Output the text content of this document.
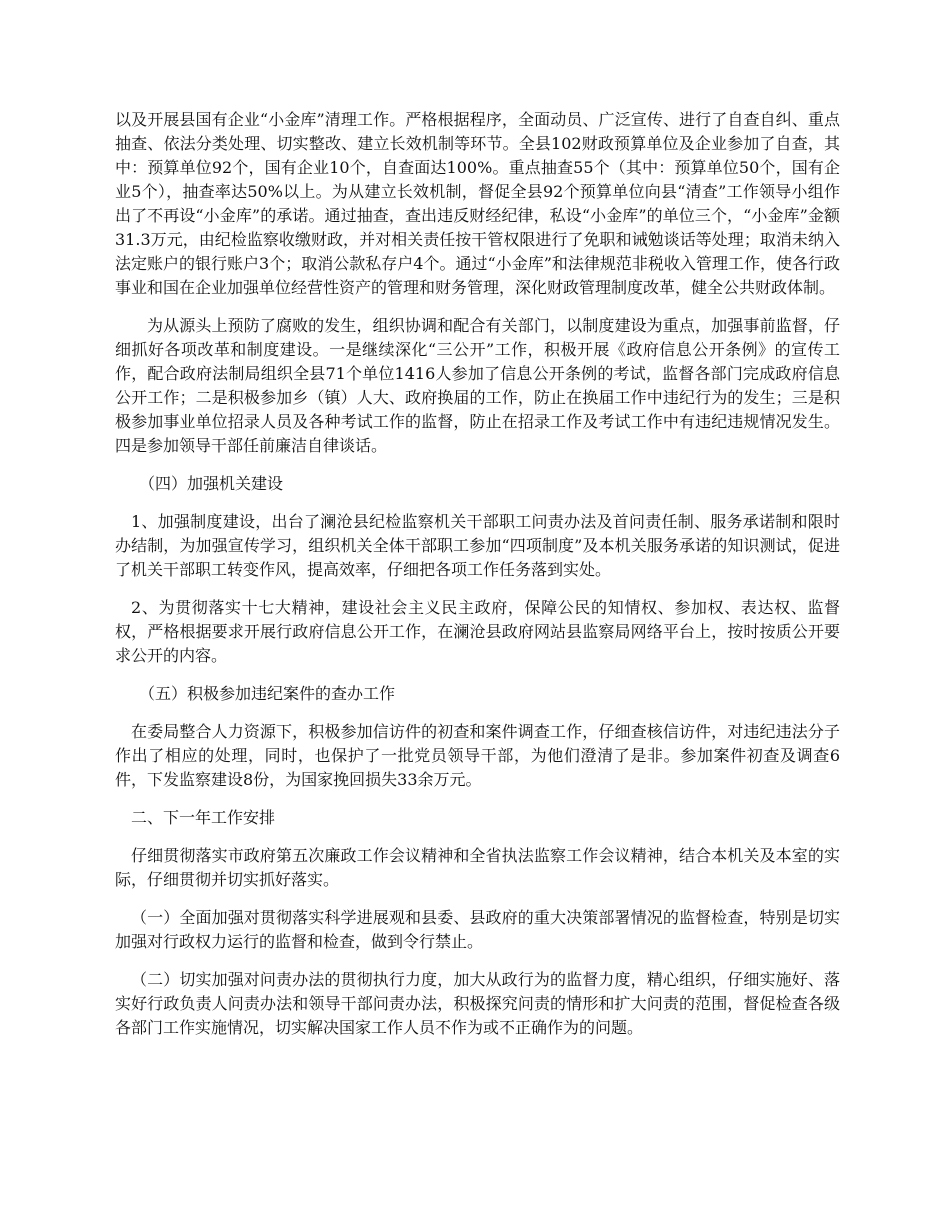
以及开展县国有企业“小金库”清理工作。严格根据程序，全面动员、广泛宣传、进行了自查自纠、重点抽查、依法分类处理、切实整改、建立长效机制等环节。全县102财政预算单位及企业参加了自查，其中：预算单位92个，国有企业10个，自查面达100%。重点抽查55个（其中：预算单位50个，国有企业5个），抽查率达50%以上。为从建立长效机制，督促全县92个预算单位向县“清查”工作领导小组作出了不再设“小金库”的承诺。通过抽查，查出违反财经纪律，私设“小金库”的单位三个，“小金库”金额31.3万元，由纪检监察收缴财政，并对相关责任按干管权限进行了免职和诫勉谈话等处理；取消未纳入法定账户的银行账户3个；取消公款私存户4个。通过“小金库”和法律规范非税收入管理工作，使各行政事业和国在企业加强单位经营性资产的管理和财务管理，深化财政管理制度改革，健全公共财政体制。

为从源头上预防了腐败的发生，组织协调和配合有关部门，以制度建设为重点，加强事前监督，仔细抓好各项改革和制度建设。一是继续深化“三公开”工作，积极开展《政府信息公开条例》的宣传工作，配合政府法制局组织全县71个单位1416人参加了信息公开条例的考试，监督各部门完成政府信息公开工作；二是积极参加乡（镇）人大、政府换届的工作，防止在换届工作中违纪行为的发生；三是积极参加事业单位招录人员及各种考试工作的监督，防止在招录工作及考试工作中有违纪违规情况发生。四是参加领导干部任前廉洁自律谈话。

（四）加强机关建设

1、加强制度建设，出台了澜沧县纪检监察机关干部职工问责办法及首问责任制、服务承诺制和限时办结制，为加强宣传学习，组织机关全体干部职工参加“四项制度”及本机关服务承诺的知识测试，促进了机关干部职工转变作风，提高效率，仔细把各项工作任务落到实处。

2、为贯彻落实十七大精神，建设社会主义民主政府，保障公民的知情权、参加权、表达权、监督权，严格根据要求开展行政府信息公开工作，在澜沧县政府网站县监察局网络平台上，按时按质公开要求公开的内容。

（五）积极参加违纪案件的查办工作

在委局整合人力资源下，积极参加信访件的初查和案件调查工作，仔细查核信访件，对违纪违法分子作出了相应的处理，同时，也保护了一批党员领导干部，为他们澄清了是非。参加案件初查及调查6件，下发监察建设8份，为国家挽回损失33余万元。

二、下一年工作安排

仔细贯彻落实市政府第五次廉政工作会议精神和全省执法监察工作会议精神，结合本机关及本室的实际，仔细贯彻并切实抓好落实。

（一）全面加强对贯彻落实科学进展观和县委、县政府的重大决策部署情况的监督检查，特别是切实加强对行政权力运行的监督和检查，做到令行禁止。

（二）切实加强对问责办法的贯彻执行力度，加大从政行为的监督力度，精心组织，仔细实施好、落实好行政负责人问责办法和领导干部问责办法，积极探究问责的情形和扩大问责的范围，督促检查各级各部门工作实施情况，切实解决国家工作人员不作为或不正确作为的问题。
